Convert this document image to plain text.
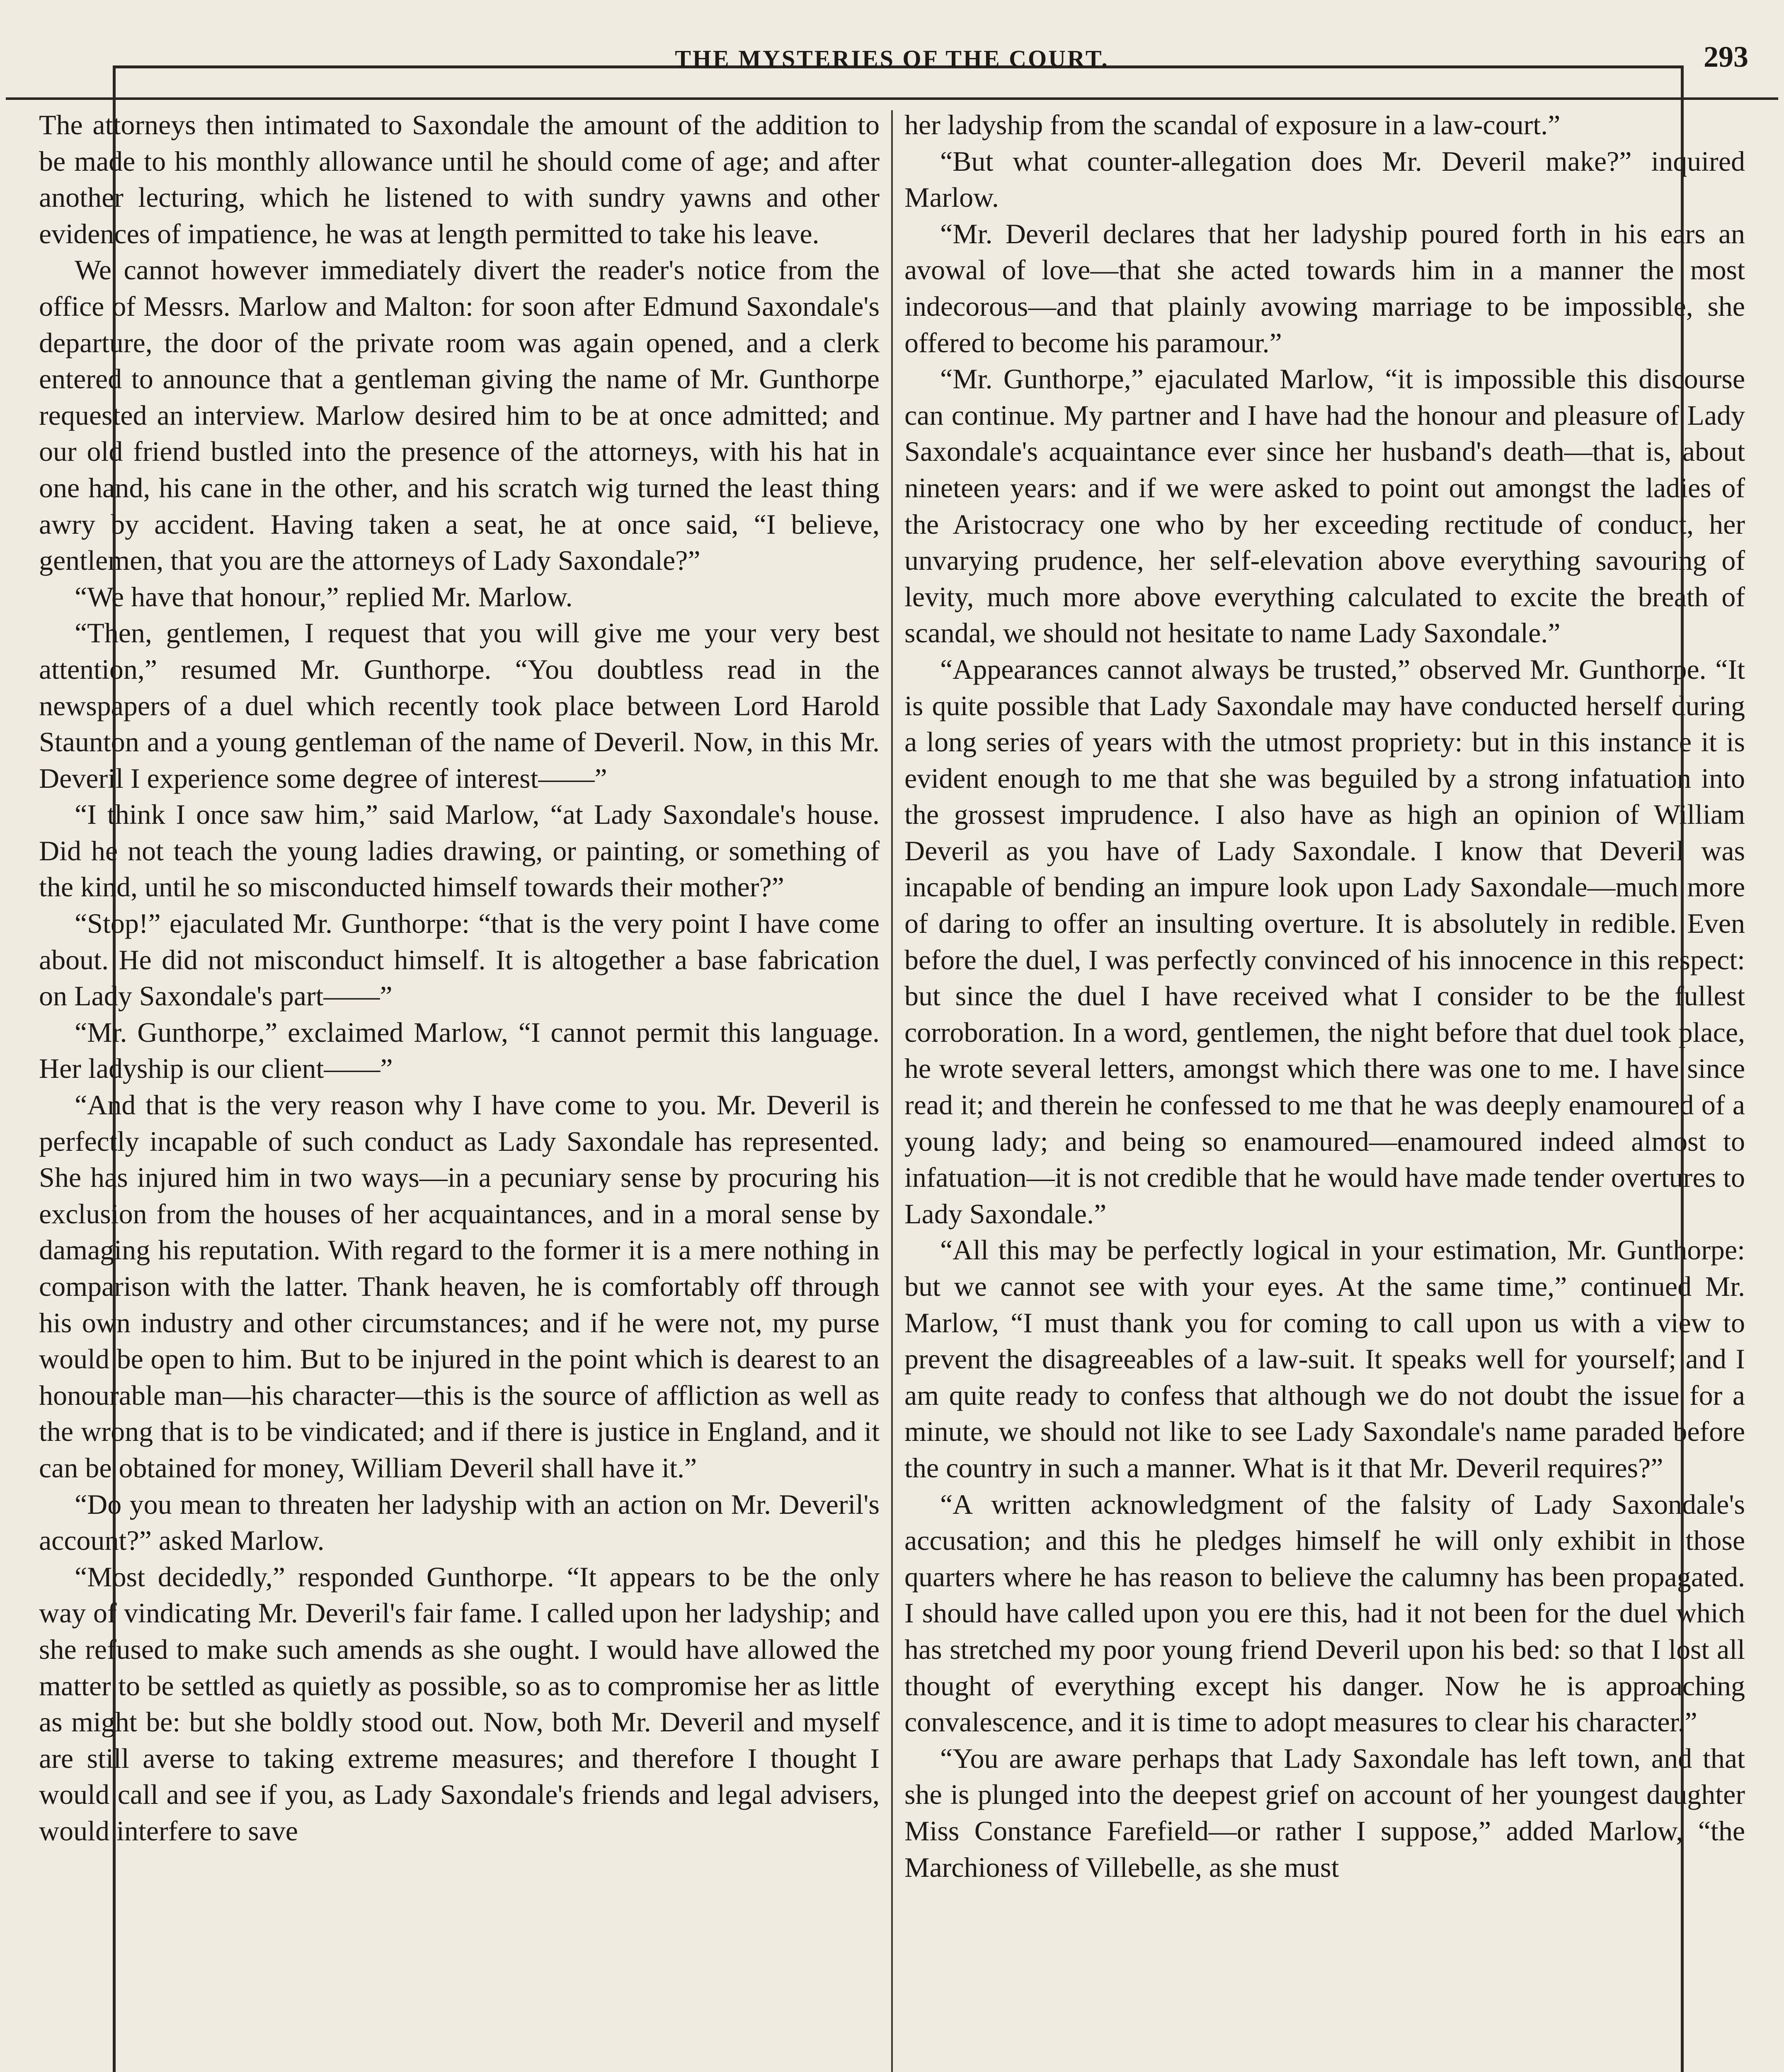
THE MYSTERIES OF THE COURT.	293

The attorneys then intimated to Saxondale the amount of the addition to be made to his monthly allowance until he should come of age; and after another lecturing, which he listened to with sundry yawns and other evidences of impatience, he was at length permitted to take his leave.

We cannot however immediately divert the reader's notice from the office of Messrs. Marlow and Malton: for soon after Edmund Saxondale's departure, the door of the private room was again opened, and a clerk entered to announce that a gentleman giving the name of Mr. Gunthorpe requested an interview. Marlow desired him to be at once admitted; and our old friend bustled into the presence of the attorneys, with his hat in one hand, his cane in the other, and his scratch wig turned the least thing awry by accident. Having taken a seat, he at once said, “I believe, gentlemen, that you are the attorneys of Lady Saxondale?”

“We have that honour,” replied Mr. Marlow.

“Then, gentlemen, I request that you will give me your very best attention,” resumed Mr. Gunthorpe. “You doubtless read in the newspapers of a duel which recently took place between Lord Harold Staunton and a young gentleman of the name of Deveril. Now, in this Mr. Deveril I experience some degree of interest——”

“I think I once saw him,” said Marlow, “at Lady Saxondale's house. Did he not teach the young ladies drawing, or painting, or something of the kind, until he so misconducted himself towards their mother?”

“Stop!” ejaculated Mr. Gunthorpe: “that is the very point I have come about. He did not misconduct himself. It is altogether a base fabrication on Lady Saxondale's part——”

“Mr. Gunthorpe,” exclaimed Marlow, “I cannot permit this language. Her ladyship is our client——”

“And that is the very reason why I have come to you. Mr. Deveril is perfectly incapable of such conduct as Lady Saxondale has represented. She has injured him in two ways—in a pecuniary sense by procuring his exclusion from the houses of her acquaintances, and in a moral sense by damaging his reputation. With regard to the former it is a mere nothing in comparison with the latter. Thank heaven, he is comfortably off through his own industry and other circumstances; and if he were not, my purse would be open to him. But to be injured in the point which is dearest to an honourable man—his character—this is the source of affliction as well as the wrong that is to be vindicated; and if there is justice in England, and it can be obtained for money, William Deveril shall have it.”

“Do you mean to threaten her ladyship with an action on Mr. Deveril's account?” asked Marlow.

“Most decidedly,” responded Gunthorpe. “It appears to be the only way of vindicating Mr. Deveril's fair fame. I called upon her ladyship; and she refused to make such amends as she ought. I would have allowed the matter to be settled as quietly as possible, so as to compromise her as little as might be: but she boldly stood out. Now, both Mr. Deveril and myself are still averse to taking extreme measures; and therefore I thought I would call and see if you, as Lady Saxondale's friends and legal advisers, would interfere to save

her ladyship from the scandal of exposure in a law-court.”

“But what counter-allegation does Mr. Deveril make?” inquired Marlow.

“Mr. Deveril declares that her ladyship poured forth in his ears an avowal of love—that she acted towards him in a manner the most indecorous—and that plainly avowing marriage to be impossible, she offered to become his paramour.”

“Mr. Gunthorpe,” ejaculated Marlow, “it is impossible this discourse can continue. My partner and I have had the honour and pleasure of Lady Saxondale's acquaintance ever since her husband's death—that is, about nineteen years: and if we were asked to point out amongst the ladies of the Aristocracy one who by her exceeding rectitude of conduct, her unvarying prudence, her self-elevation above everything savouring of levity, much more above everything calculated to excite the breath of scandal, we should not hesitate to name Lady Saxondale.”

“Appearances cannot always be trusted,” observed Mr. Gunthorpe. “It is quite possible that Lady Saxondale may have conducted herself during a long series of years with the utmost propriety: but in this instance it is evident enough to me that she was beguiled by a strong infatuation into the grossest imprudence. I also have as high an opinion of William Deveril as you have of Lady Saxondale. I know that Deveril was incapable of bending an impure look upon Lady Saxondale—much more of daring to offer an insulting overture. It is absolutely in redible. Even before the duel, I was perfectly convinced of his innocence in this respect: but since the duel I have received what I consider to be the fullest corroboration. In a word, gentlemen, the night before that duel took place, he wrote several letters, amongst which there was one to me. I have since read it; and therein he confessed to me that he was deeply enamoured of a young lady; and being so enamoured—enamoured indeed almost to infatuation—it is not credible that he would have made tender overtures to Lady Saxondale.”

“All this may be perfectly logical in your estimation, Mr. Gunthorpe: but we cannot see with your eyes. At the same time,” continued Mr. Marlow, “I must thank you for coming to call upon us with a view to prevent the disagreeables of a law-suit. It speaks well for yourself; and I am quite ready to confess that although we do not doubt the issue for a minute, we should not like to see Lady Saxondale's name paraded before the country in such a manner. What is it that Mr. Deveril requires?”

“A written acknowledgment of the falsity of Lady Saxondale's accusation; and this he pledges himself he will only exhibit in those quarters where he has reason to believe the calumny has been propagated. I should have called upon you ere this, had it not been for the duel which has stretched my poor young friend Deveril upon his bed: so that I lost all thought of everything except his danger. Now he is approaching convalescence, and it is time to adopt measures to clear his character.”

“You are aware perhaps that Lady Saxondale has left town, and that she is plunged into the deepest grief on account of her youngest daughter Miss Constance Farefield—or rather I suppose,” added Marlow, “the Marchioness of Villebelle, as she must
